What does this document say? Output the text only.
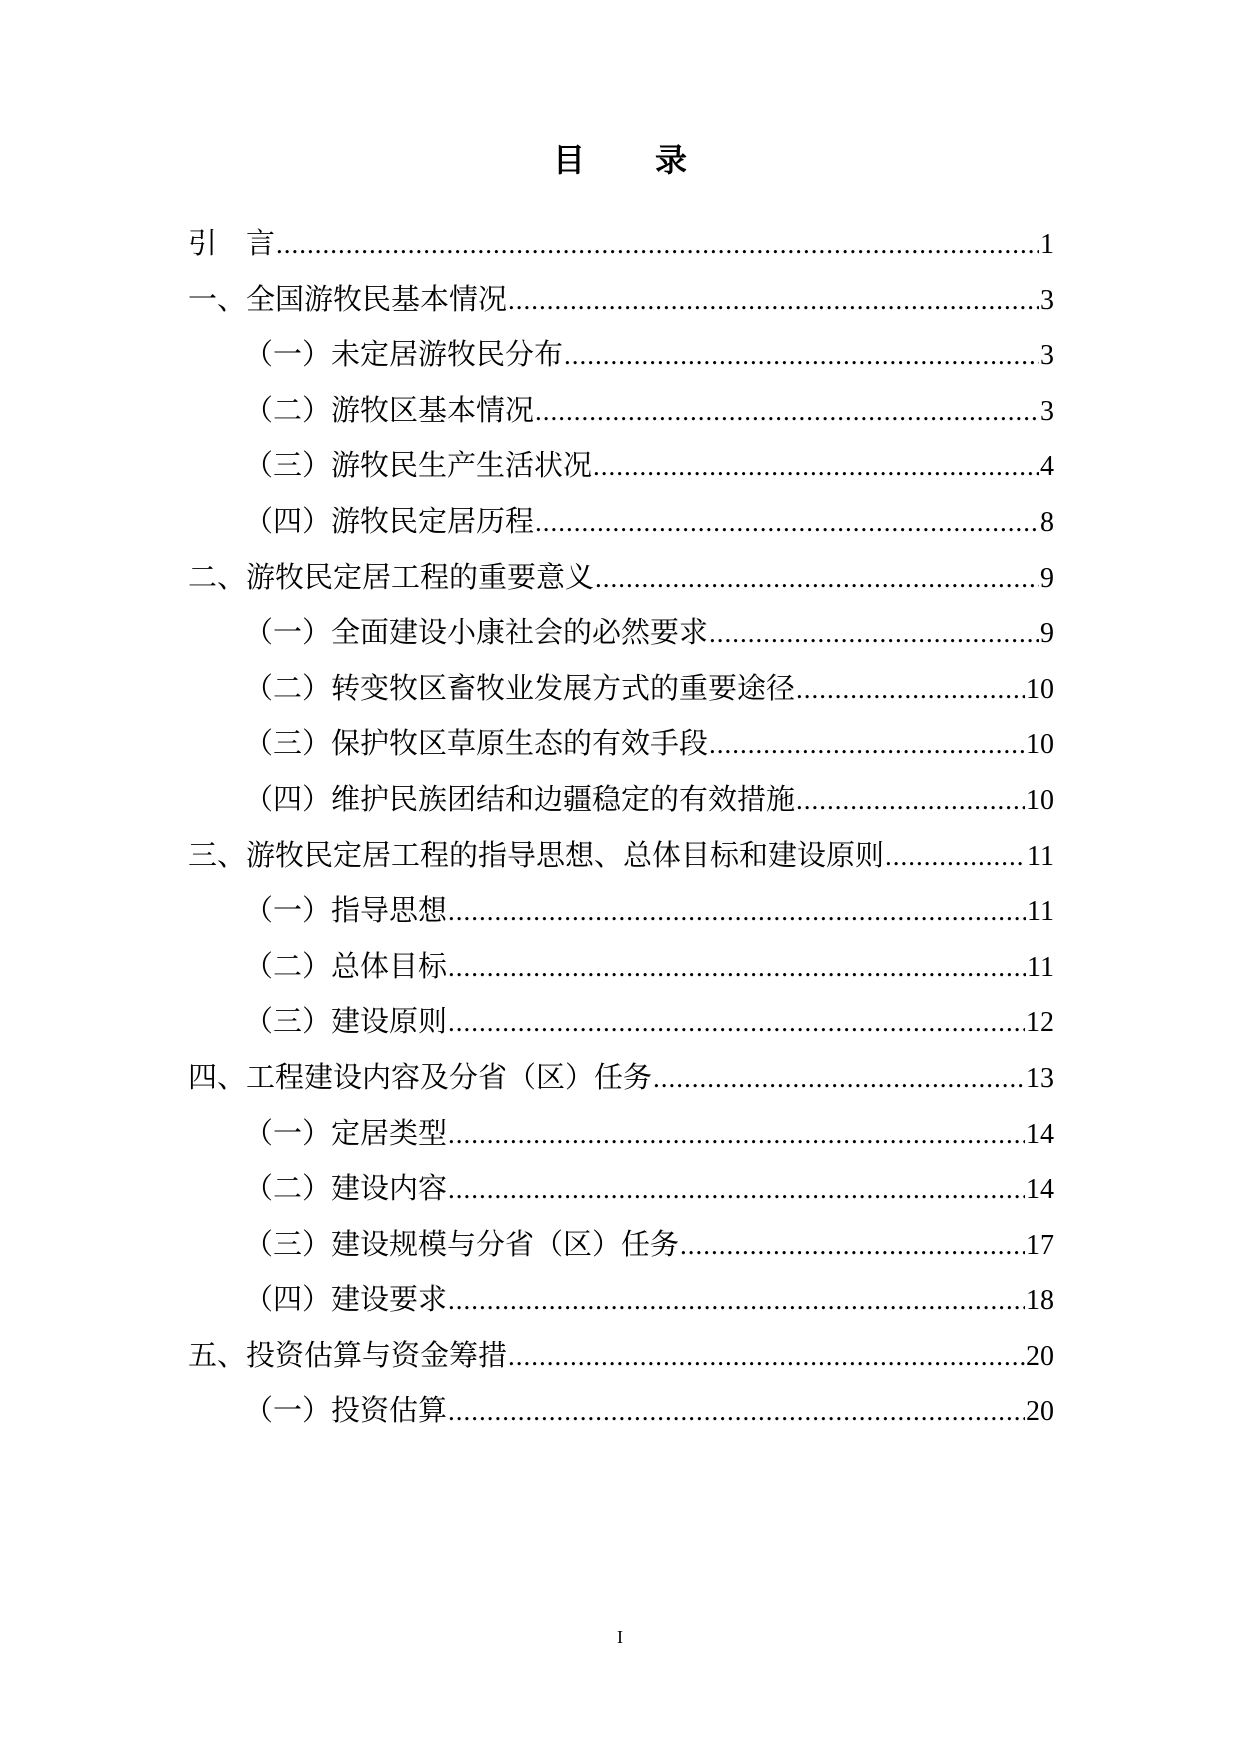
目录
引　言 .....	1
一、全国游牧民基本情况 .....	3
（一）未定居游牧民分布 .....	3
（二）游牧区基本情况 .....	3
（三）游牧民生产生活状况 .....	4
（四）游牧民定居历程 .....	8
二、游牧民定居工程的重要意义 .....	9
（一）全面建设小康社会的必然要求 .....	9
（二）转变牧区畜牧业发展方式的重要途径 .....	10
（三）保护牧区草原生态的有效手段 .....	10
（四）维护民族团结和边疆稳定的有效措施 .....	10
三、游牧民定居工程的指导思想、总体目标和建设原则 .....	11
（一）指导思想 .....	11
（二）总体目标 .....	11
（三）建设原则 .....	12
四、工程建设内容及分省（区）任务 .....	13
（一）定居类型 .....	14
（二）建设内容 .....	14
（三）建设规模与分省（区）任务 .....	17
（四）建设要求 .....	18
五、投资估算与资金筹措 .....	20
（一）投资估算 .....	20
I
